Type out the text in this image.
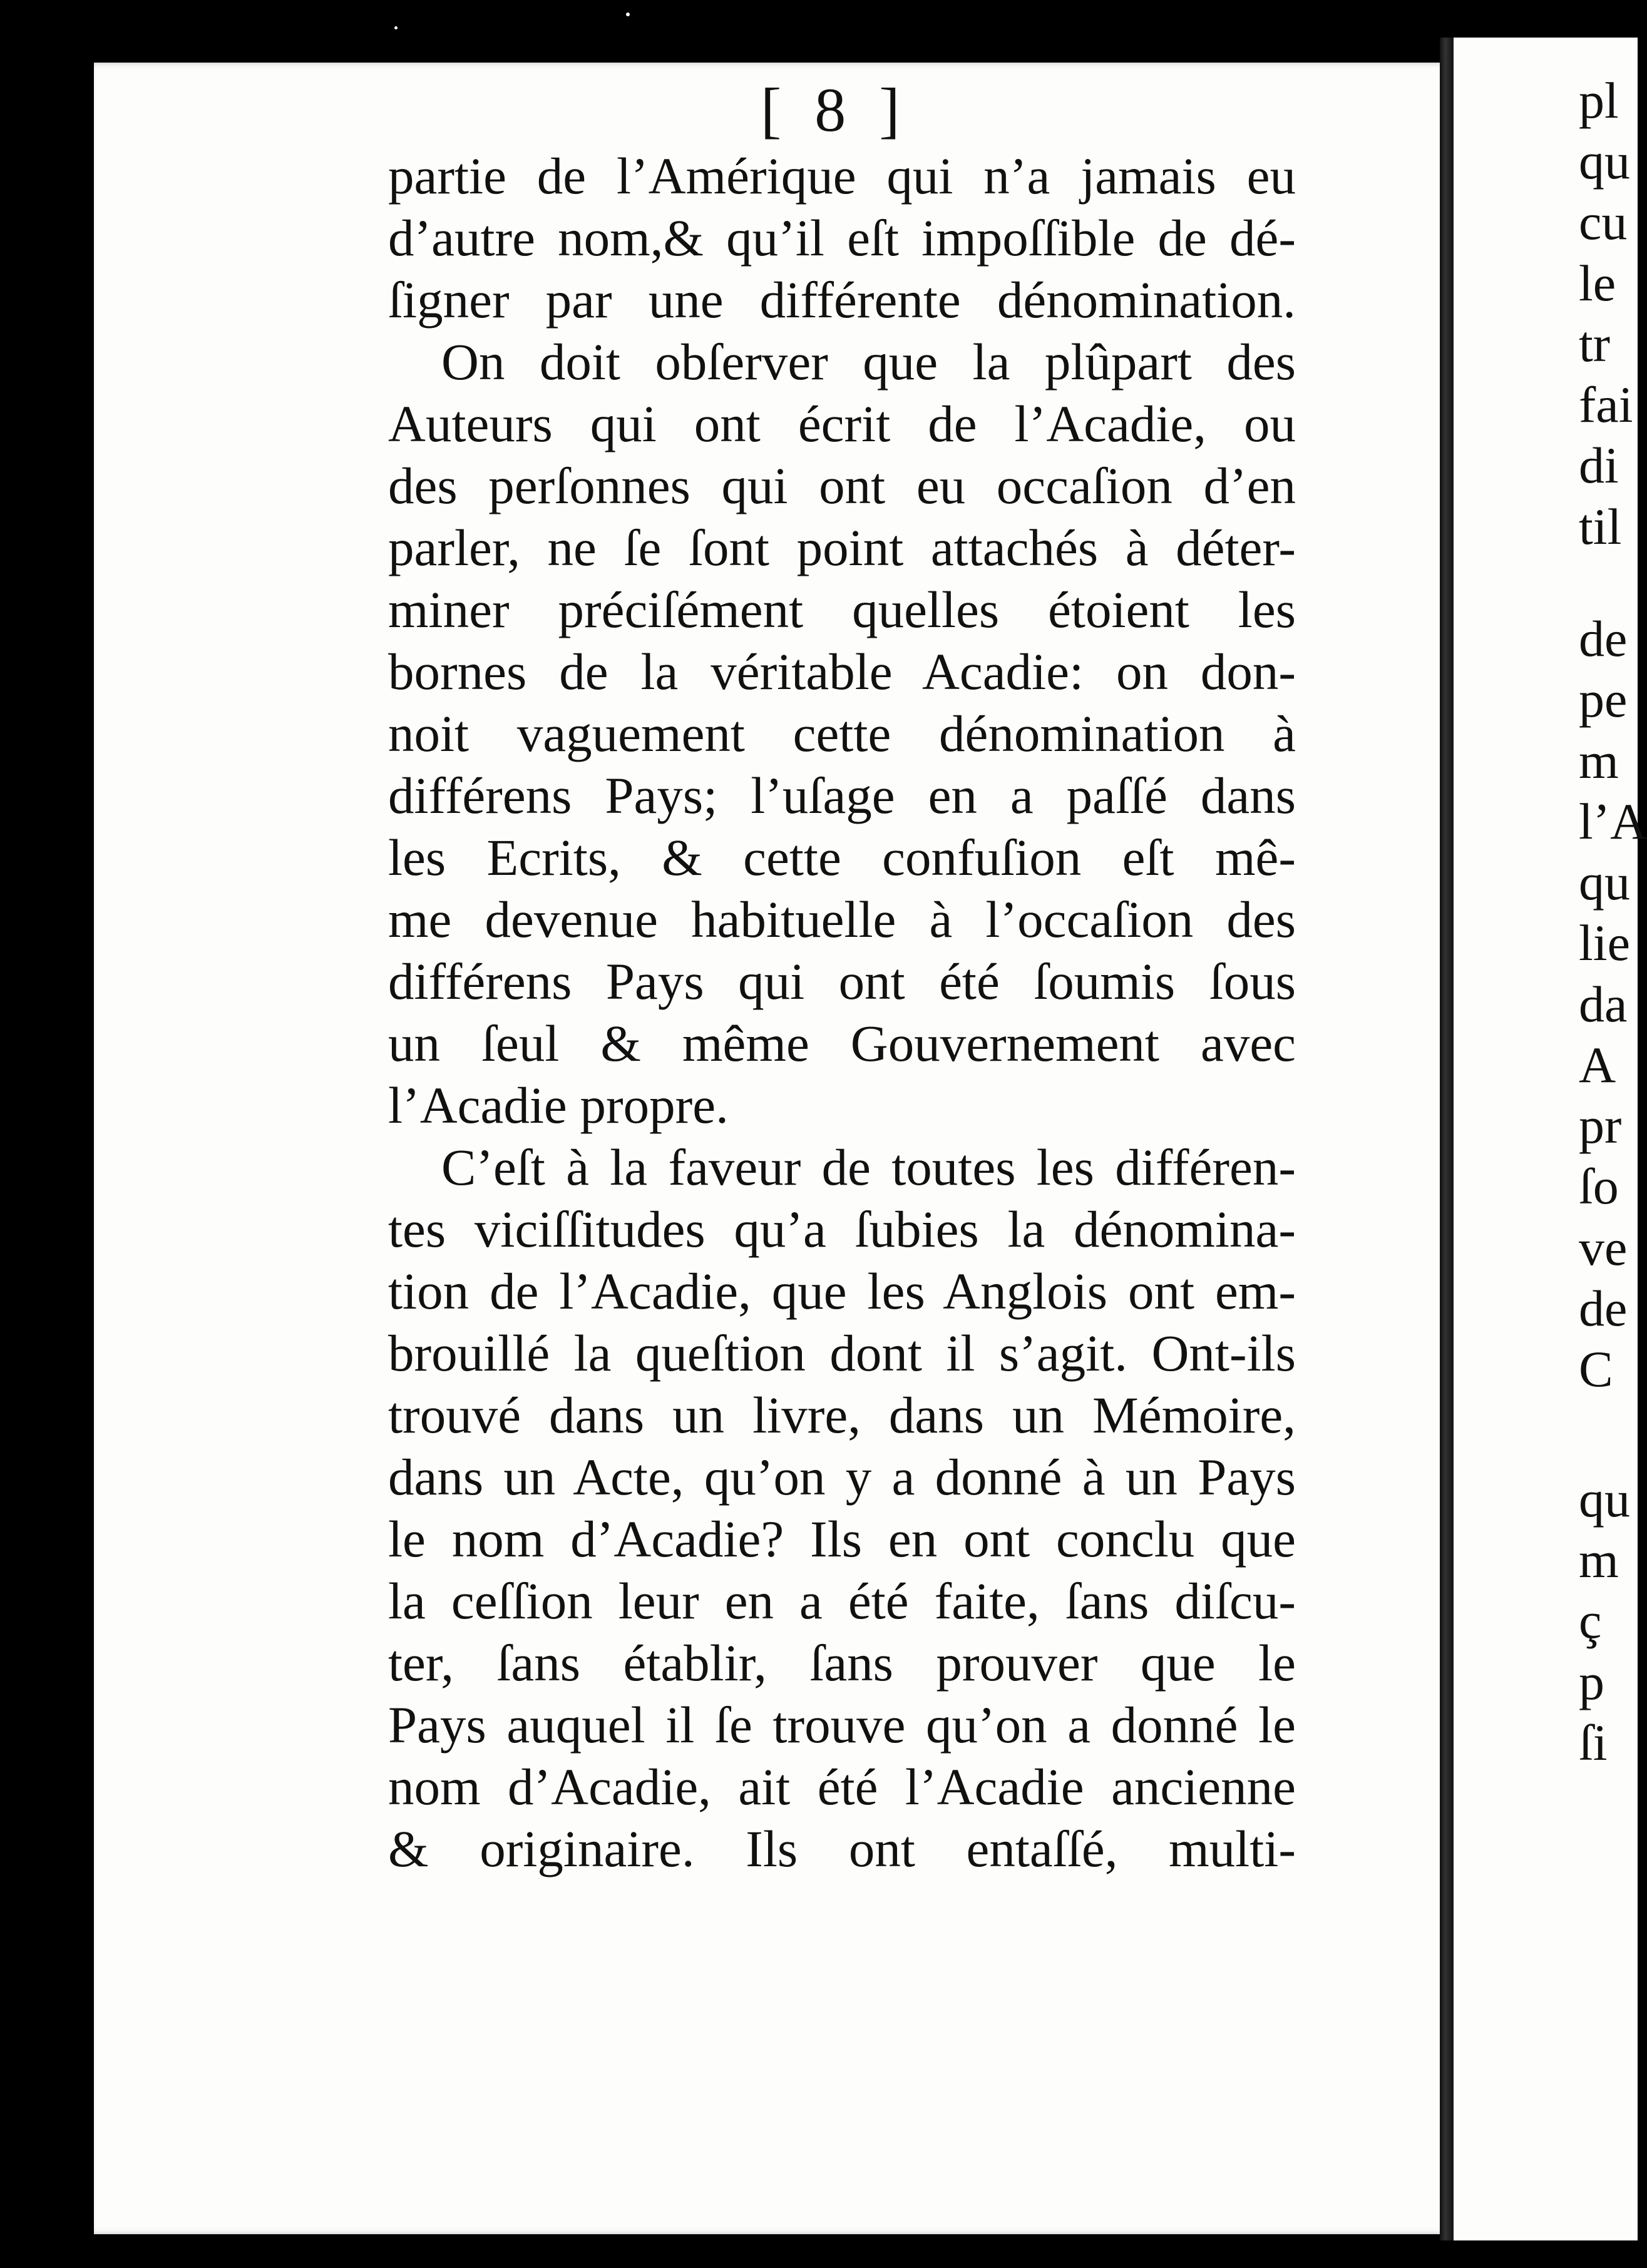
pl
qu
cu
le
tr
fai
di
til
de
pe
m
l’A
qu
lie
da
A
pr
ſo
ve
de
C
qu
m
ç
p
ſi
[ 8 ]
partie de l’Amérique qui n’a jamais eu
d’autre nom,& qu’il eſt impoſſible de dé-
ſigner par une différente dénomination.
On doit obſerver que la plûpart des
Auteurs qui ont écrit de l’Acadie, ou
des perſonnes qui ont eu occaſion d’en
parler, ne ſe ſont point attachés à déter-
miner préciſément quelles étoient les
bornes de la véritable Acadie: on don-
noit vaguement cette dénomination à
différens Pays; l’uſage en a paſſé dans
les Ecrits, & cette confuſion eſt mê-
me devenue habituelle à l’occaſion des
différens Pays qui ont été ſoumis ſous
un ſeul & même Gouvernement avec
l’Acadie propre.
C’eſt à la faveur de toutes les différen-
tes viciſſitudes qu’a ſubies la dénomina-
tion de l’Acadie, que les Anglois ont em-
brouillé la queſtion dont il s’agit. Ont-ils
trouvé dans un livre, dans un Mémoire,
dans un Acte, qu’on y a donné à un Pays
le nom d’Acadie? Ils en ont conclu que
la ceſſion leur en a été faite, ſans diſcu-
ter, ſans établir, ſans prouver que le
Pays auquel il ſe trouve qu’on a donné le
nom d’Acadie, ait été l’Acadie ancienne
& originaire. Ils ont entaſſé, multi-
